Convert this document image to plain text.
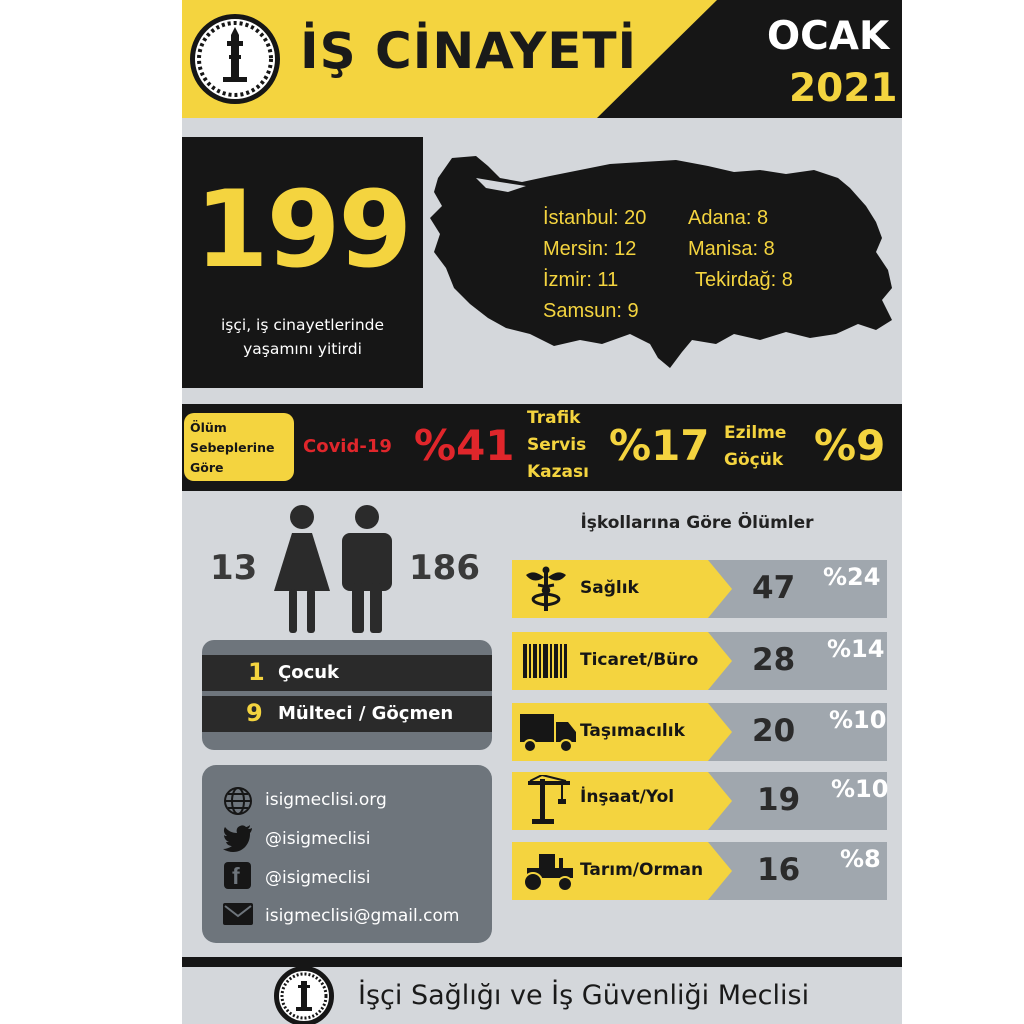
İŞ CİNAYETİ	OCAK
2021
199
işçi, iş cinayetlerinde
yaşamını yitirdi
İstanbul: 20
Mersin: 12
İzmir: 11
Samsun: 9
Adana: 8
Manisa: 8
Tekirdağ: 8
Ölüm
Sebeplerine
Göre
Covid-19 %41
Trafik
Servis
Kazası
%17 Ezilme
Göçük %9
13	186
1 Çocuk
9 Mülteci / Göçmen
isigmeclisi.org
@isigmeclisi
f @isigmeclisi
isigmeclisi@gmail.com
İşkollarına Göre Ölümler
Sağlık	47 %24
Ticaret/Büro 28 %14
Taşımacılık 20 %10
İnşaat/Yol	19 %10
Tarım/Orman 16 %8
İşçi Sağlığı ve İş Güvenliği Meclisi
